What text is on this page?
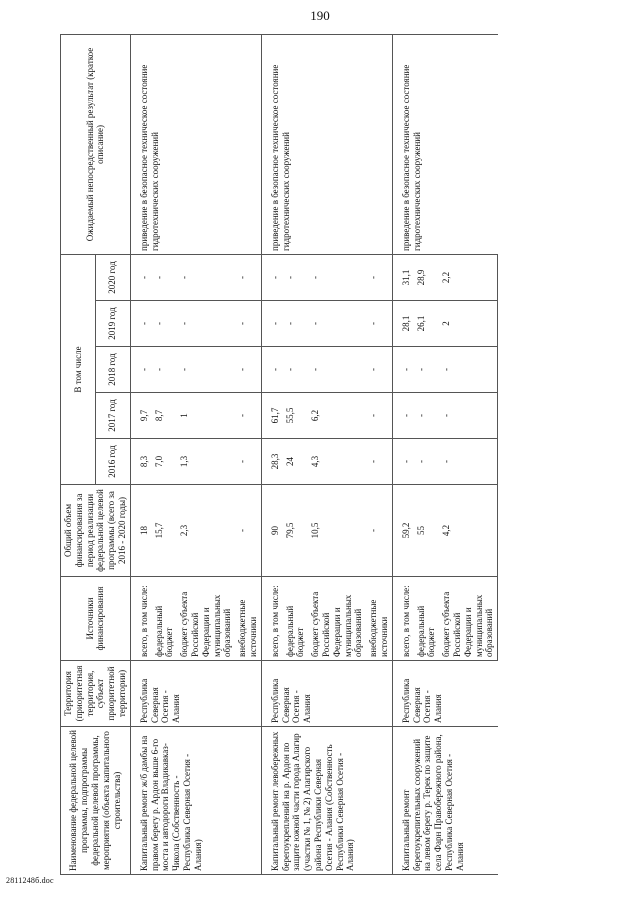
190
Наименование федеральной целевой программы, подпрограммы федеральной целевой программы, мероприятия (объекта капитального строительства)	Территория (приоритетная территория, субъект приоритетной территории)	Источники финансирования	Общий объем финансирования за период реализации федеральной целевой программы (всего за 2016 - 2020 годы)	В том числе					Ожидаемый непосредственный результат (краткое описание)
				2016 год	2017 год	2018 год	2019 год	2020 год	
Капитальный ремонт ж/б дамбы на правом берегу р. Ардон выше 6-го моста и автодороги Владикавказ-Чикола (Собственность - Республика Северная Осетия - Алания)	Республика Северная Осетия - Алания	всего, в том числе:	18	8,3	9,7	-	-	-	приведение в безопасное техническое состояние гидротехнических сооружений
		федеральный бюджет	15,7	7,0	8,7	-	-	-	
		бюджет субъекта Российской Федерации и муниципальных образований	2,3	1,3	1	-	-	-	
		внебюджетные источники	-	-	-	-	-	-	
Капитальный ремонт левобережных берегоукреплений на р. Ардон по защите южной части города Алагир (участки № 1, № 2) Алагирского района Республики Северная Осетия - Алания (Собственность Республики Северная Осетия - Алания)	Республика Северная Осетия - Алания	всего, в том числе:	90	28,3	61,7	-	-	-	приведение в безопасное техническое состояние гидротехнических сооружений
		федеральный бюджет	79,5	24	55,5	-	-	-	
		бюджет субъекта Российской Федерации и муниципальных образований	10,5	4,3	6,2	-	-	-	
		внебюджетные источники	-	-	-	-	-	-	
Капитальный ремонт берегоукрепительных сооружений на левом берегу р. Терек по защите села Фарн Правобережного района, Республика Северная Осетия - Алания	Республика Северная Осетия - Алания	всего, в том числе:	59,2	-	-	-	28,1	31,1	приведение в безопасное техническое состояние гидротехнических сооружений
		федеральный бюджет	55	-	-	-	26,1	28,9	
		бюджет субъекта Российской Федерации и муниципальных образований	4,2	-	-	-	2	2,2	
2811248б.doc
